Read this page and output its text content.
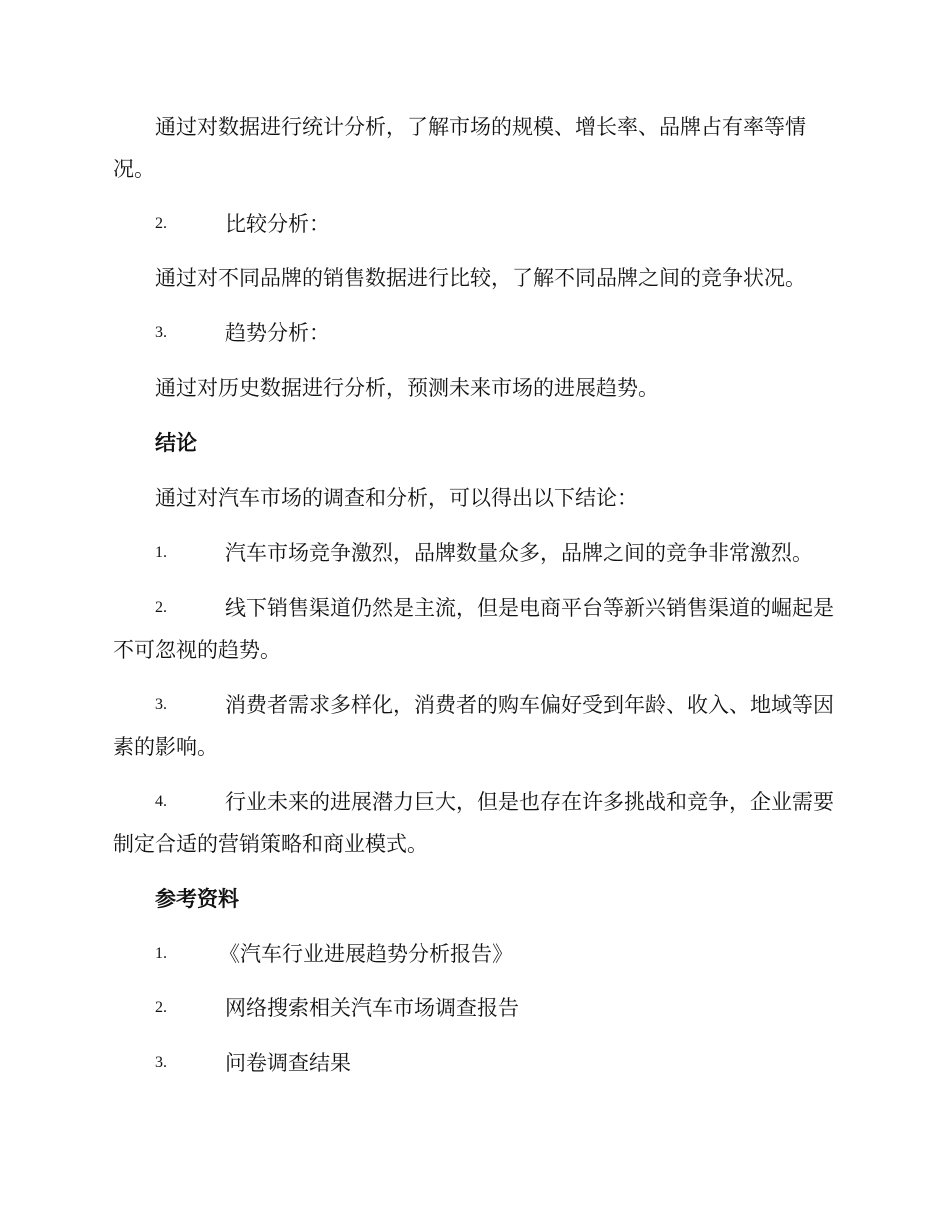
通过对数据进行统计分析，了解市场的规模、增长率、品牌占有率等情况。
2.	比较分析：
通过对不同品牌的销售数据进行比较，了解不同品牌之间的竞争状况。
3.	趋势分析：
通过对历史数据进行分析，预测未来市场的进展趋势。
结论
通过对汽车市场的调查和分析，可以得出以下结论：
1.	汽车市场竞争激烈，品牌数量众多，品牌之间的竞争非常激烈。
2.	线下销售渠道仍然是主流，但是电商平台等新兴销售渠道的崛起是不可忽视的趋势。
3.	消费者需求多样化，消费者的购车偏好受到年龄、收入、地域等因素的影响。
4.	行业未来的进展潜力巨大，但是也存在许多挑战和竞争，企业需要制定合适的营销策略和商业模式。
参考资料
1.	《汽车行业进展趋势分析报告》
2.	网络搜索相关汽车市场调查报告
3.	问卷调查结果
